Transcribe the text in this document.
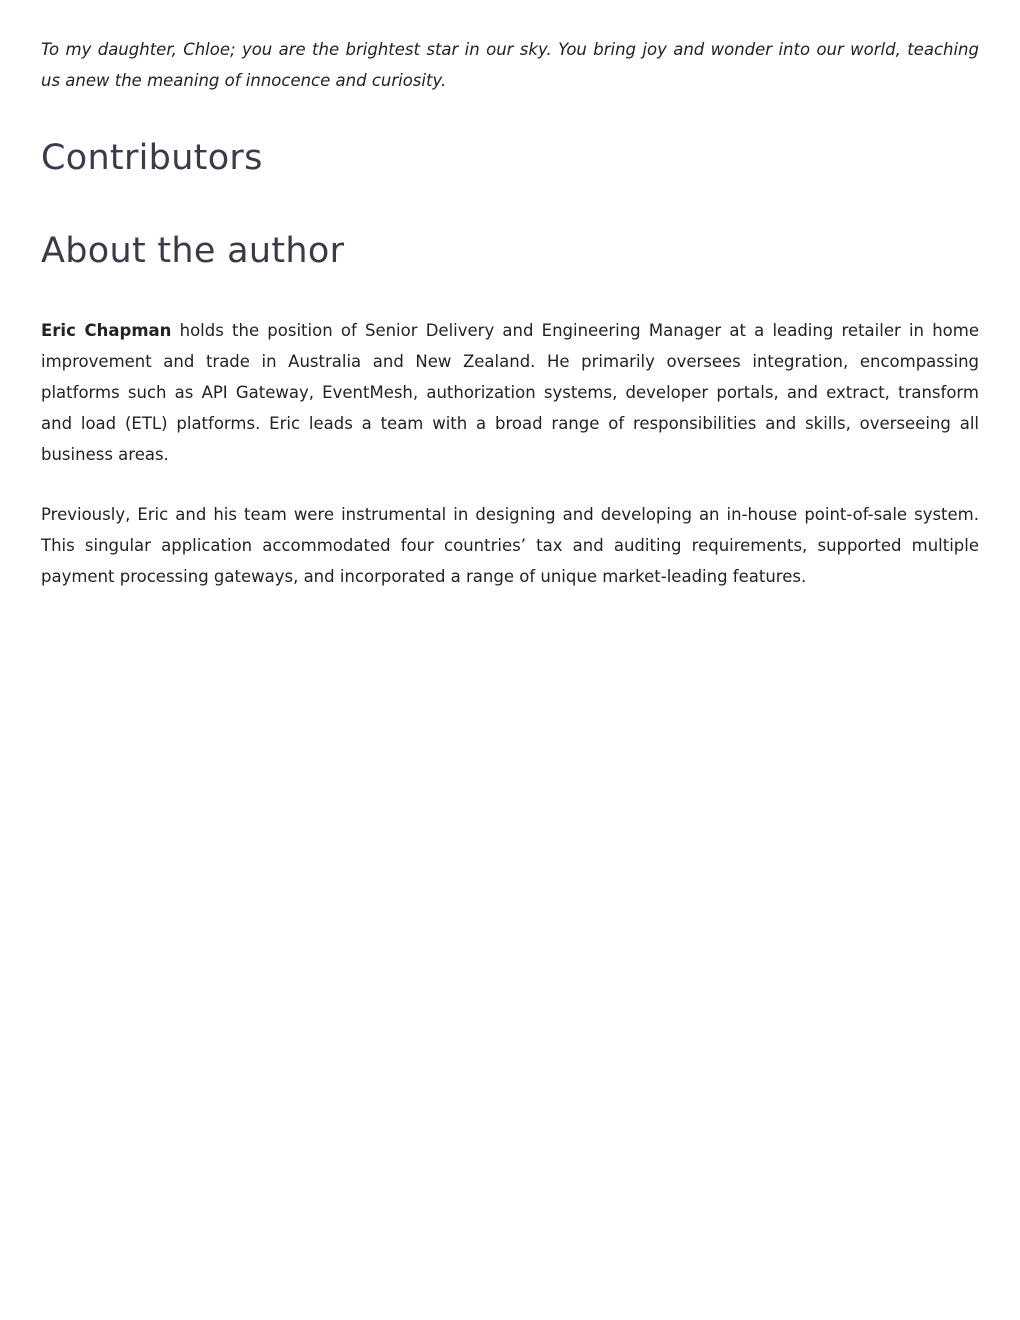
To my daughter, Chloe; you are the brightest star in our sky. You bring joy and wonder into our world, teaching us anew the meaning of innocence and curiosity.

Contributors
About the author

Eric Chapman holds the position of Senior Delivery and Engineering Manager at a leading retailer in home improvement and trade in Australia and New Zealand. He primarily oversees integration, encompassing platforms such as API Gateway, EventMesh, authorization systems, developer portals, and extract, transform and load (ETL) platforms. Eric leads a team with a broad range of responsibilities and skills, overseeing all business areas.

Previously, Eric and his team were instrumental in designing and developing an in-house point-of-sale system. This singular application accommodated four countries’ tax and auditing requirements, supported multiple payment processing gateways, and incorporated a range of unique market-leading features.
